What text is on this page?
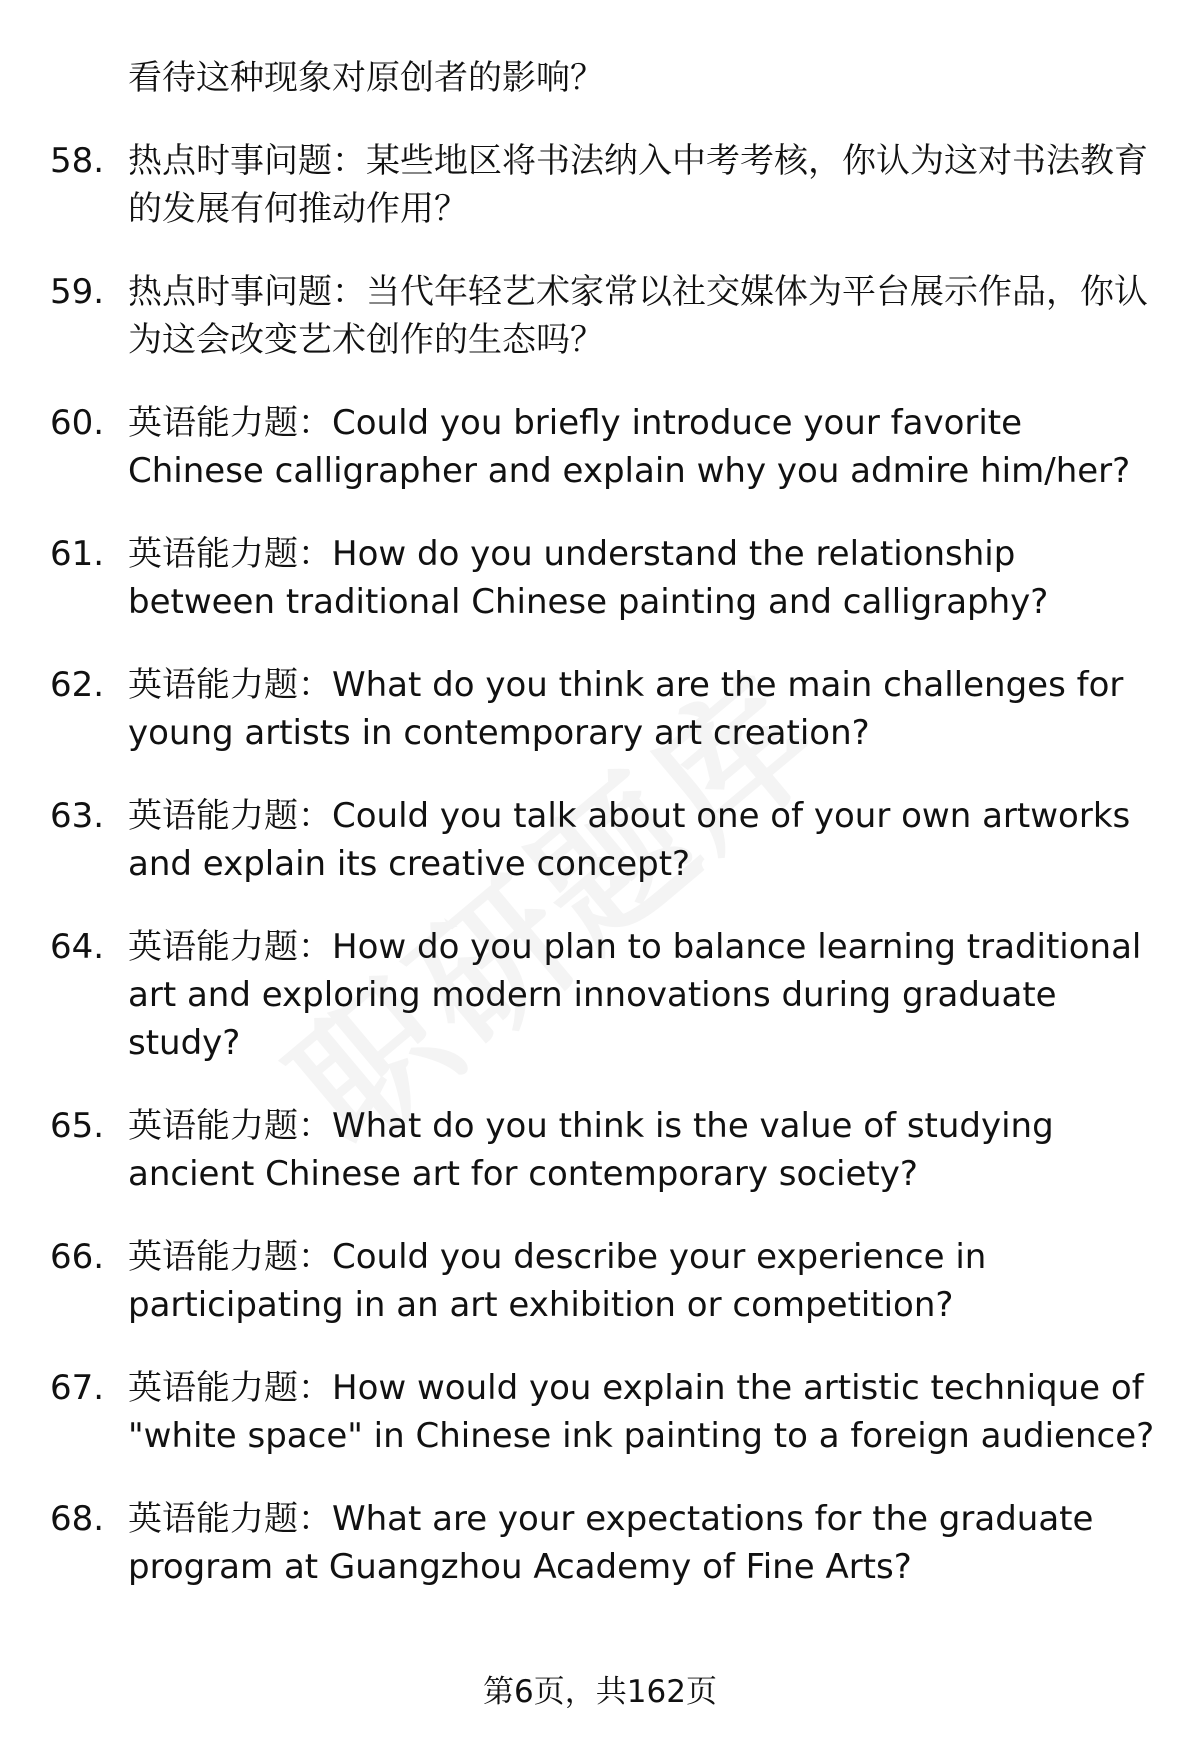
看待这种现象对原创者的影响？
58. 热点时事问题：某些地区将书法纳入中考考核，你认为这对书法教育的发展有何推动作用？
59. 热点时事问题：当代年轻艺术家常以社交媒体为平台展示作品，你认为这会改变艺术创作的生态吗？
60. 英语能力题：Could you briefly introduce your favorite Chinese calligrapher and explain why you admire him/her?
61. 英语能力题：How do you understand the relationship between traditional Chinese painting and calligraphy?
62. 英语能力题：What do you think are the main challenges for young artists in contemporary art creation?
63. 英语能力题：Could you talk about one of your own artworks and explain its creative concept?
64. 英语能力题：How do you plan to balance learning traditional art and exploring modern innovations during graduate study?
65. 英语能力题：What do you think is the value of studying ancient Chinese art for contemporary society?
66. 英语能力题：Could you describe your experience in participating in an art exhibition or competition?
67. 英语能力题：How would you explain the artistic technique of "white space" in Chinese ink painting to a foreign audience?
68. 英语能力题：What are your expectations for the graduate program at Guangzhou Academy of Fine Arts?
第6页，共162页
